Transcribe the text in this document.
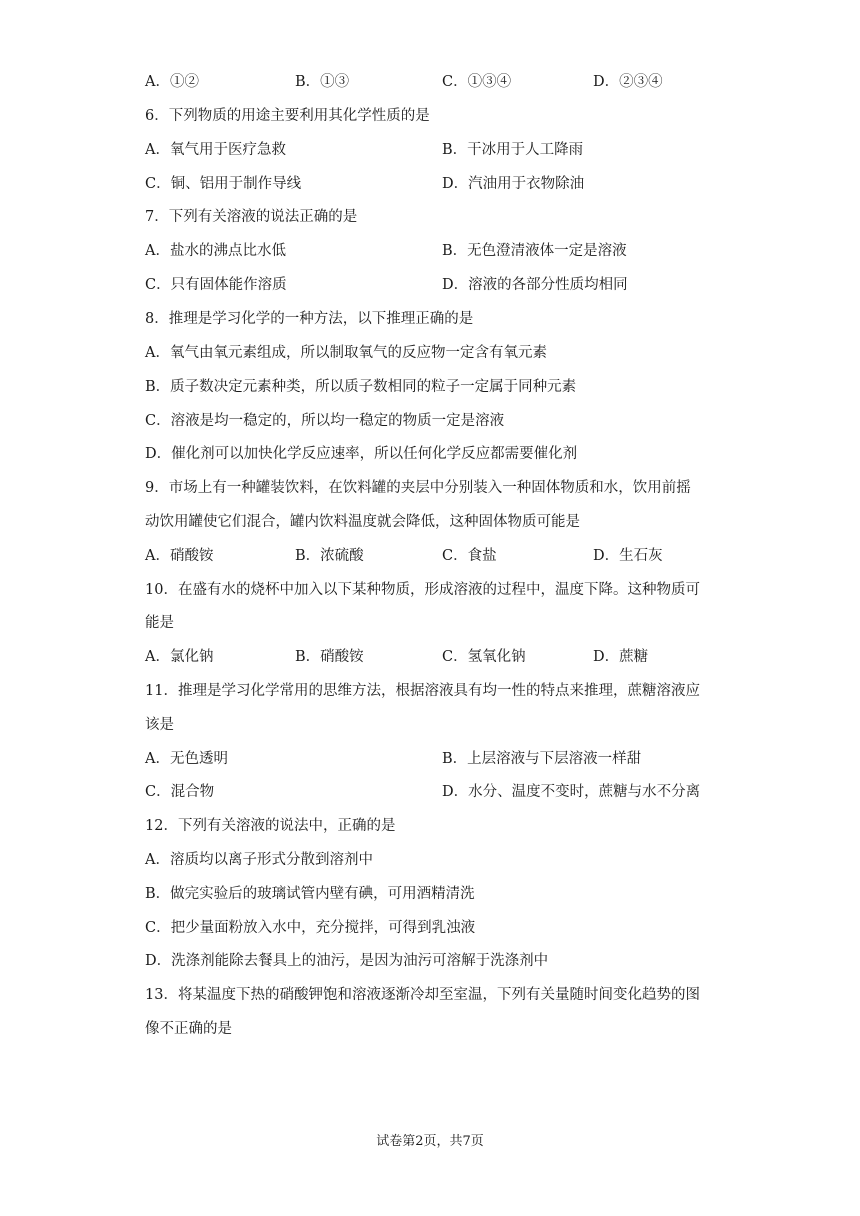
A．①②	B．①③	C．①③④	D．②③④
6．下列物质的用途主要利用其化学性质的是
A．氧气用于医疗急救	B．干冰用于人工降雨
C．铜、铝用于制作导线	D．汽油用于衣物除油
7．下列有关溶液的说法正确的是
A．盐水的沸点比水低	B．无色澄清液体一定是溶液
C．只有固体能作溶质	D．溶液的各部分性质均相同
8．推理是学习化学的一种方法，以下推理正确的是
A．氧气由氧元素组成，所以制取氧气的反应物一定含有氧元素
B．质子数决定元素种类，所以质子数相同的粒子一定属于同种元素
C．溶液是均一稳定的，所以均一稳定的物质一定是溶液
D．催化剂可以加快化学反应速率，所以任何化学反应都需要催化剂
9．市场上有一种罐装饮料，在饮料罐的夹层中分别装入一种固体物质和水，饮用前摇
动饮用罐使它们混合，罐内饮料温度就会降低，这种固体物质可能是
A．硝酸铵	B．浓硫酸	C．食盐	D．生石灰
10．在盛有水的烧杯中加入以下某种物质，形成溶液的过程中，温度下降。这种物质可
能是
A．氯化钠	B．硝酸铵	C．氢氧化钠	D．蔗糖
11．推理是学习化学常用的思维方法，根据溶液具有均一性的特点来推理，蔗糖溶液应
该是
A．无色透明	B．上层溶液与下层溶液一样甜
C．混合物	D．水分、温度不变时，蔗糖与水不分离
12．下列有关溶液的说法中，正确的是
A．溶质均以离子形式分散到溶剂中
B．做完实验后的玻璃试管内壁有碘，可用酒精清洗
C．把少量面粉放入水中，充分搅拌，可得到乳浊液
D．洗涤剂能除去餐具上的油污，是因为油污可溶解于洗涤剂中
13．将某温度下热的硝酸钾饱和溶液逐渐冷却至室温，下列有关量随时间变化趋势的图
像不正确的是
试卷第2页，共7页
